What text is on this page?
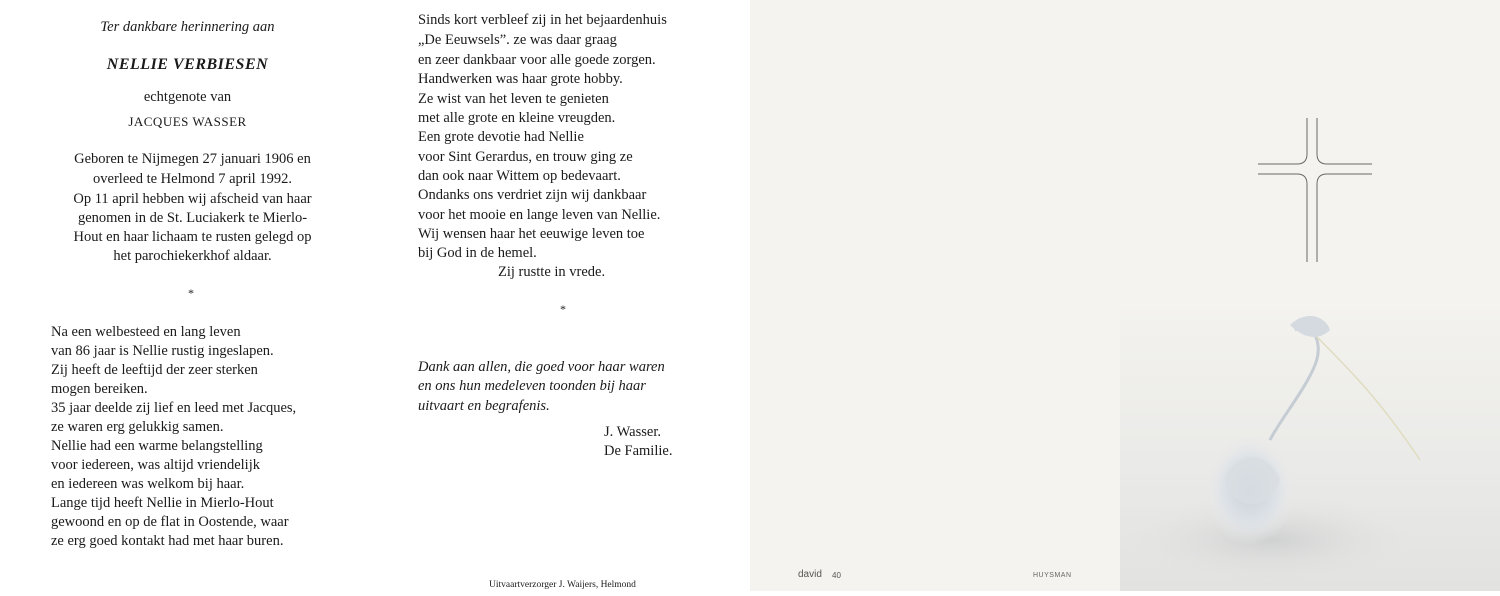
Ter dankbare herinnering aan
NELLIE VERBIESEN
echtgenote van
JACQUES WASSER
Geboren te Nijmegen 27 januari 1906 en
overleed te Helmond 7 april 1992.
Op 11 april hebben wij afscheid van haar
genomen in de St. Luciakerk te Mierlo-
Hout en haar lichaam te rusten gelegd op
het parochiekerkhof aldaar.
*
Na een welbesteed en lang leven
van 86 jaar is Nellie rustig ingeslapen.
Zij heeft de leeftijd der zeer sterken
mogen bereiken.
35 jaar deelde zij lief en leed met Jacques,
ze waren erg gelukkig samen.
Nellie had een warme belangstelling
voor iedereen, was altijd vriendelijk
en iedereen was welkom bij haar.
Lange tijd heeft Nellie in Mierlo-Hout
gewoond en op de flat in Oostende, waar
ze erg goed kontakt had met haar buren.
Sinds kort verbleef zij in het bejaardenhuis
„De Eeuwsels”. ze was daar graag
en zeer dankbaar voor alle goede zorgen.
Handwerken was haar grote hobby.
Ze wist van het leven te genieten
met alle grote en kleine vreugden.
Een grote devotie had Nellie
voor Sint Gerardus, en trouw ging ze
dan ook naar Wittem op bedevaart.
Ondanks ons verdriet zijn wij dankbaar
voor het mooie en lange leven van Nellie.
Wij wensen haar het eeuwige leven toe
bij God in de hemel.
Zij rustte in vrede.
*
Dank aan allen, die goed voor haar waren
en ons hun medeleven toonden bij haar
uitvaart en begrafenis.
J. Wasser.
De Familie.
Uitvaartverzorger J. Waijers, Helmond
david 40	HUYSMAN
